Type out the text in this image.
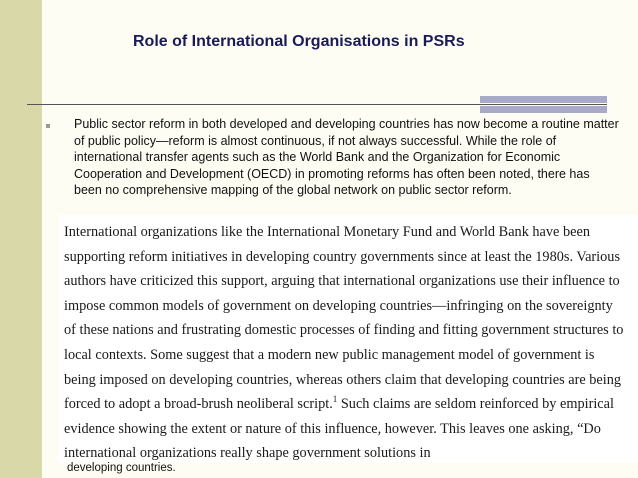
Role of International Organisations in PSRs

Public sector reform in both developed and developing countries has now become a routine matter of public policy—reform is almost continuous, if not always successful. While the role of international transfer agents such as the World Bank and the Organization for Economic Cooperation and Development (OECD) in promoting reforms has often been noted, there has been no comprehensive mapping of the global network on public sector reform.

International organizations like the International Monetary Fund and World Bank have been supporting reform initiatives in developing country governments since at least the 1980s. Various authors have criticized this support, arguing that international organizations use their influence to impose common models of government on developing countries—infringing on the sovereignty of these nations and frustrating domestic processes of finding and fitting government structures to local contexts. Some suggest that a modern new public management model of government is being imposed on developing countries, whereas others claim that developing countries are being forced to adopt a broad-brush neoliberal script.$^1$ Such claims are seldom reinforced by empirical evidence showing the extent or nature of this influence, however. This leaves one asking, “Do international organizations really shape government solutions in

developing countries.
